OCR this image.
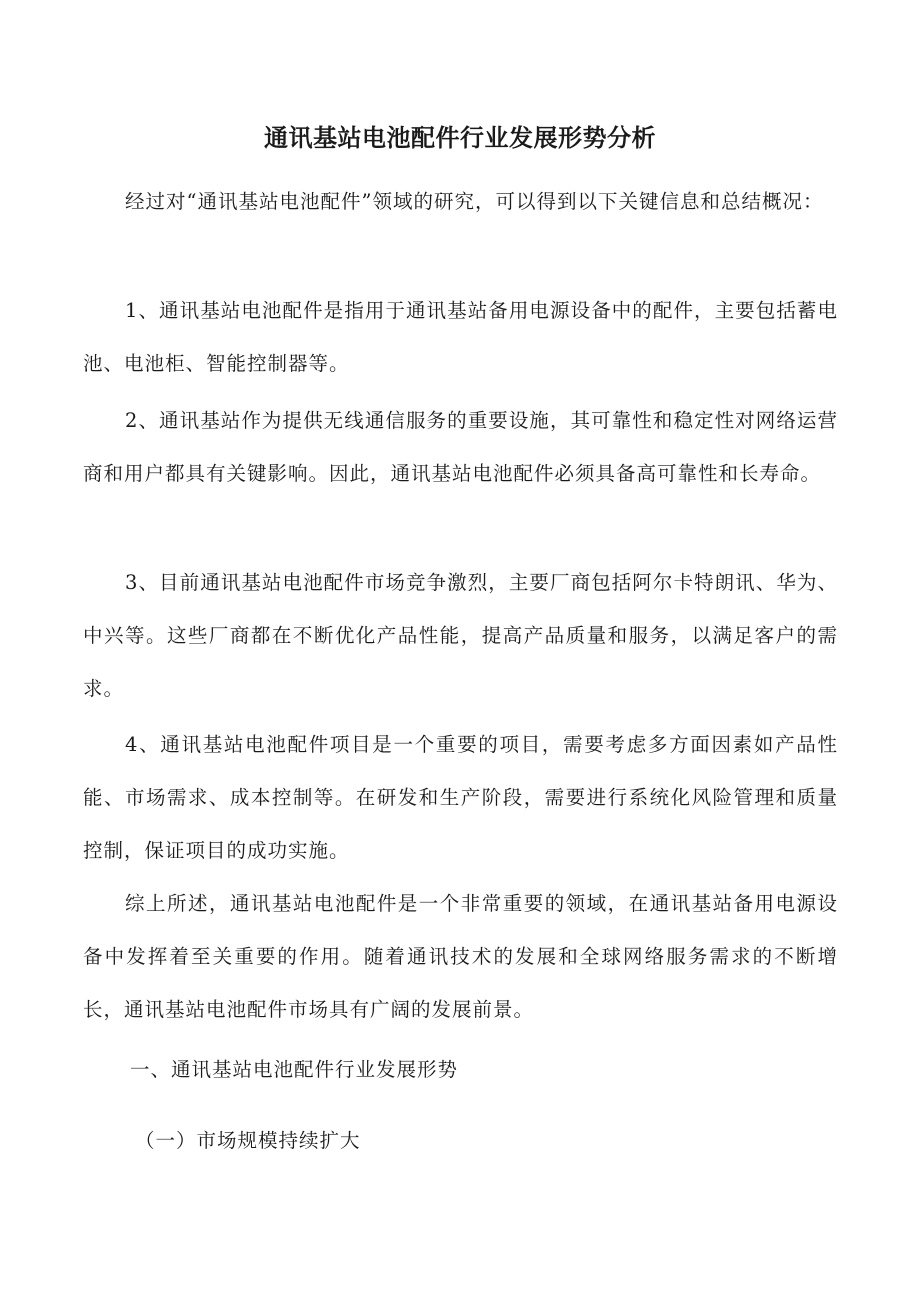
通讯基站电池配件行业发展形势分析

经过对“通讯基站电池配件”领域的研究，可以得到以下关键信息和总结概况：

1、通讯基站电池配件是指用于通讯基站备用电源设备中的配件，主要包括蓄电池、电池柜、智能控制器等。

2、通讯基站作为提供无线通信服务的重要设施，其可靠性和稳定性对网络运营商和用户都具有关键影响。因此，通讯基站电池配件必须具备高可靠性和长寿命。

3、目前通讯基站电池配件市场竞争激烈，主要厂商包括阿尔卡特朗讯、华为、中兴等。这些厂商都在不断优化产品性能，提高产品质量和服务，以满足客户的需求。

4、通讯基站电池配件项目是一个重要的项目，需要考虑多方面因素如产品性能、市场需求、成本控制等。在研发和生产阶段，需要进行系统化风险管理和质量控制，保证项目的成功实施。

综上所述，通讯基站电池配件是一个非常重要的领域，在通讯基站备用电源设备中发挥着至关重要的作用。随着通讯技术的发展和全球网络服务需求的不断增长，通讯基站电池配件市场具有广阔的发展前景。

一、通讯基站电池配件行业发展形势
（一）市场规模持续扩大
